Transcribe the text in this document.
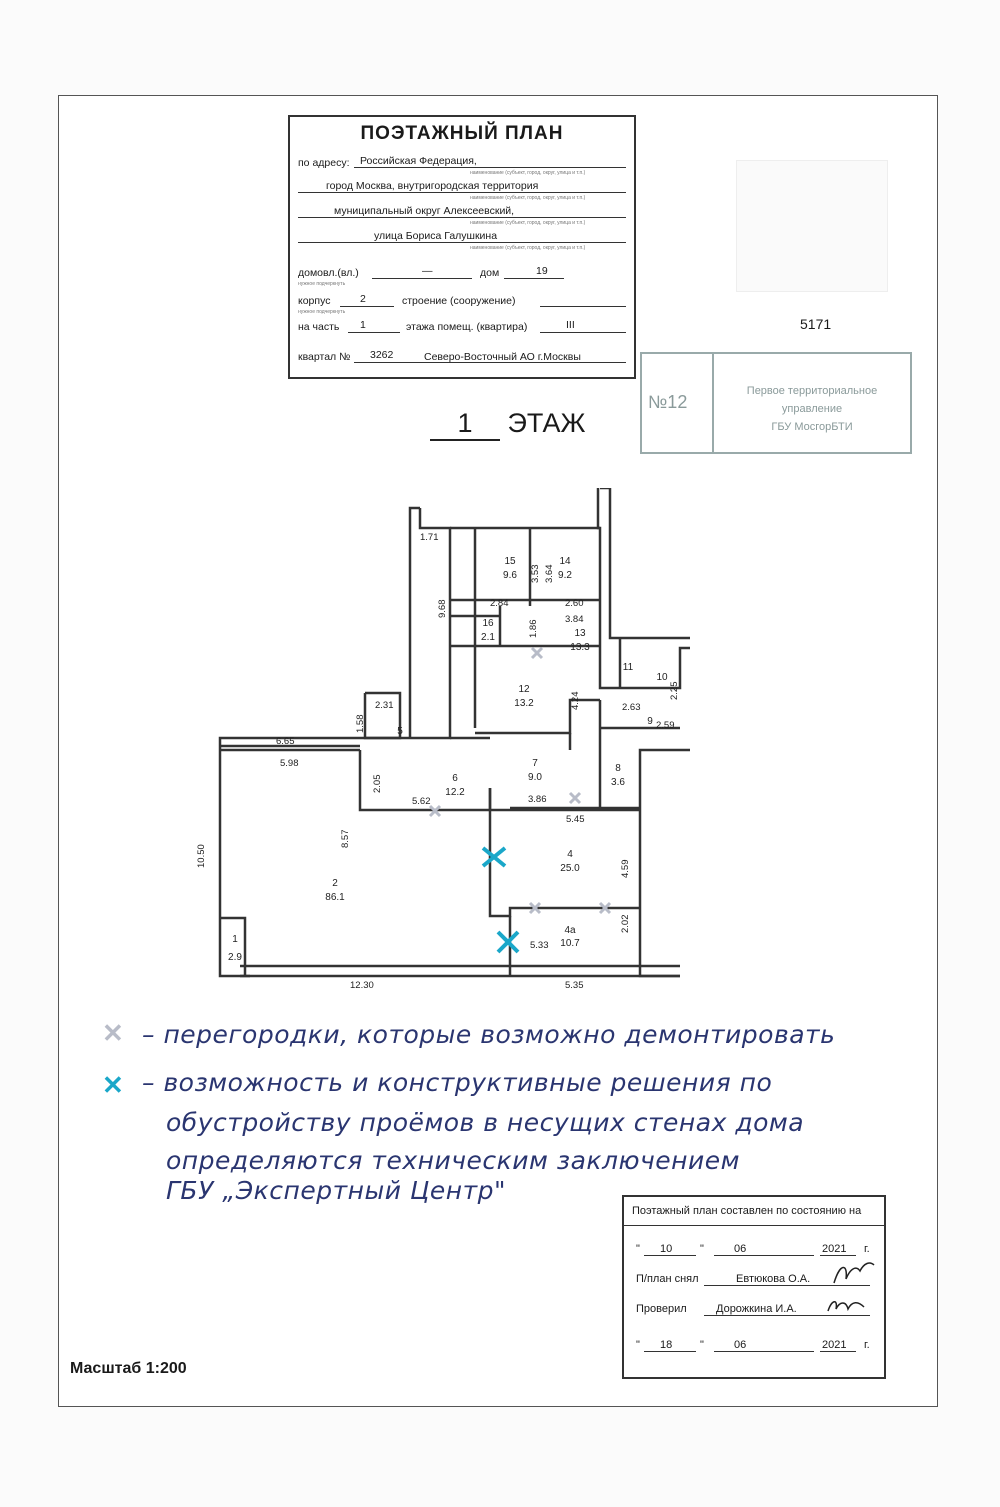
ПОЭТАЖНЫЙ ПЛАН
по адресу: Российская Федерация,
наименование (субъект, город, округ, улица и т.п.)
город Москва, внутригородская территория
наименование (субъект, город, округ, улица и т.п.)
муниципальный округ Алексеевский,
наименование (субъект, город, округ, улица и т.п.)
улица Бориса Галушкина
наименование (субъект, город, округ, улица и т.п.)
домовл.(вл.)	—	дом	19
нужное подчеркнуть
корпус	2	строение (сооружение)
нужное подчеркнуть
на часть 1	этажа помещ. (квартира)	III
квартал № 3262	Северо-Восточный АО г.Москвы
5171
№12
Первое территориальное
управление
ГБУ МосгорБТИ
1 ЭТАЖ
15
9.6
14
9.2
16
2.1	13
13.3
12
13.2
11
10
9
5
6
12.2
7
9.0
8
3.6
2
86.1
4
25.0
4a
10.7
1
2.9
1.71
3.53 3.64
9.68	2.84	2.60
3.84
1.86
2.25
2.63
2.59
4.24
2.31
1.58
6.65
5.98
2.05
5.62	3.86
5.45
10.50
8.57
4.59
2.02
5.33
12.30	5.35
✕ – перегородки, которые возможно демонтировать
✕ – возможность и конструктивные решения по
обустройству проёмов в несущих стенах дома
определяются техническим заключением
ГБУ „Экспертный Центр"
Поэтажный план составлен по состоянию на
" 10	"	06	2021 г.
П/план снял	Евтюкова О.А.
Проверил	Дорожкина И.А.
" 18	"	06	2021 г.
Масштаб 1:200
